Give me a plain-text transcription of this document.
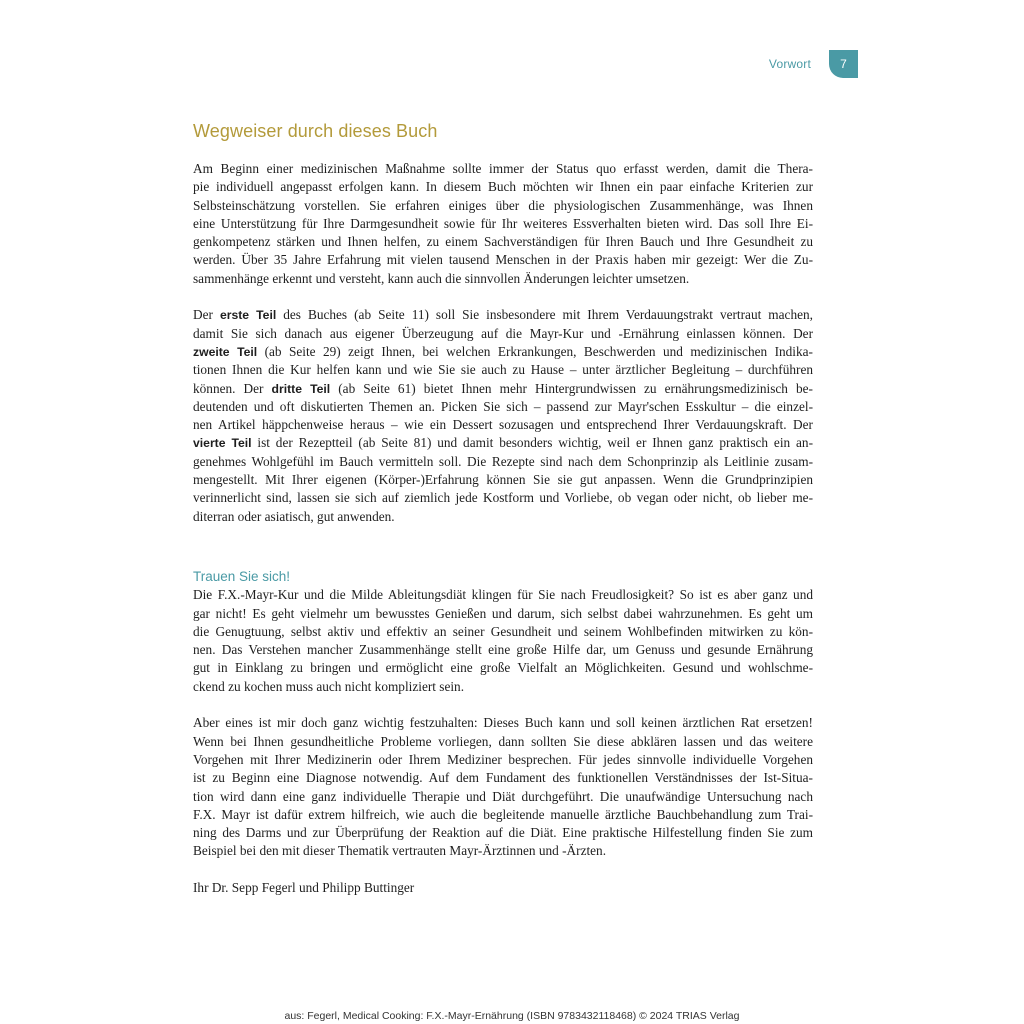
Vorwort	7
Wegweiser durch dieses Buch

Am Beginn einer medizinischen Maßnahme sollte immer der Status quo erfasst werden, damit die Thera-
pie individuell angepasst erfolgen kann. In diesem Buch möchten wir Ihnen ein paar einfache Kriterien zur
Selbsteinschätzung vorstellen. Sie erfahren einiges über die physiologischen Zusammenhänge, was Ihnen
eine Unterstützung für Ihre Darmgesundheit sowie für Ihr weiteres Essverhalten bieten wird. Das soll Ihre Ei-
genkompetenz stärken und Ihnen helfen, zu einem Sachverständigen für Ihren Bauch und Ihre Gesundheit zu
werden. Über 35 Jahre Erfahrung mit vielen tausend Menschen in der Praxis haben mir gezeigt: Wer die Zu-
sammenhänge erkennt und versteht, kann auch die sinnvollen Änderungen leichter umsetzen.

Der erste Teil des Buches (ab Seite 11) soll Sie insbesondere mit Ihrem Verdauungstrakt vertraut machen,
damit Sie sich danach aus eigener Überzeugung auf die Mayr-Kur und -Ernährung einlassen können. Der
zweite Teil (ab Seite 29) zeigt Ihnen, bei welchen Erkrankungen, Beschwerden und medizinischen Indika-
tionen Ihnen die Kur helfen kann und wie Sie sie auch zu Hause – unter ärztlicher Begleitung – durchführen
können. Der dritte Teil (ab Seite 61) bietet Ihnen mehr Hintergrundwissen zu ernährungsmedizinisch be-
deutenden und oft diskutierten Themen an. Picken Sie sich – passend zur Mayr'schen Esskultur – die einzel-
nen Artikel häppchenweise heraus – wie ein Dessert sozusagen und entsprechend Ihrer Verdauungskraft. Der
vierte Teil ist der Rezeptteil (ab Seite 81) und damit besonders wichtig, weil er Ihnen ganz praktisch ein an-
genehmes Wohlgefühl im Bauch vermitteln soll. Die Rezepte sind nach dem Schonprinzip als Leitlinie zusam-
mengestellt. Mit Ihrer eigenen (Körper-)Erfahrung können Sie sie gut anpassen. Wenn die Grundprinzipien
verinnerlicht sind, lassen sie sich auf ziemlich jede Kostform und Vorliebe, ob vegan oder nicht, ob lieber me-
diterran oder asiatisch, gut anwenden.

Trauen Sie sich!

Die F.X.-Mayr-Kur und die Milde Ableitungsdiät klingen für Sie nach Freudlosigkeit? So ist es aber ganz und
gar nicht! Es geht vielmehr um bewusstes Genießen und darum, sich selbst dabei wahrzunehmen. Es geht um
die Genugtuung, selbst aktiv und effektiv an seiner Gesundheit und seinem Wohlbefinden mitwirken zu kön-
nen. Das Verstehen mancher Zusammenhänge stellt eine große Hilfe dar, um Genuss und gesunde Ernährung
gut in Einklang zu bringen und ermöglicht eine große Vielfalt an Möglichkeiten. Gesund und wohlschme-
ckend zu kochen muss auch nicht kompliziert sein.

Aber eines ist mir doch ganz wichtig festzuhalten: Dieses Buch kann und soll keinen ärztlichen Rat ersetzen!
Wenn bei Ihnen gesundheitliche Probleme vorliegen, dann sollten Sie diese abklären lassen und das weitere
Vorgehen mit Ihrer Medizinerin oder Ihrem Mediziner besprechen. Für jedes sinnvolle individuelle Vorgehen
ist zu Beginn eine Diagnose notwendig. Auf dem Fundament des funktionellen Verständnisses der Ist-Situa-
tion wird dann eine ganz individuelle Therapie und Diät durchgeführt. Die unaufwändige Untersuchung nach
F.X. Mayr ist dafür extrem hilfreich, wie auch die begleitende manuelle ärztliche Bauchbehandlung zum Trai-
ning des Darms und zur Überprüfung der Reaktion auf die Diät. Eine praktische Hilfestellung finden Sie zum
Beispiel bei den mit dieser Thematik vertrauten Mayr-Ärztinnen und -Ärzten.

Ihr Dr. Sepp Fegerl und Philipp Buttinger

aus: Fegerl, Medical Cooking: F.X.-Mayr-Ernährung (ISBN 9783432118468) © 2024 TRIAS Verlag
